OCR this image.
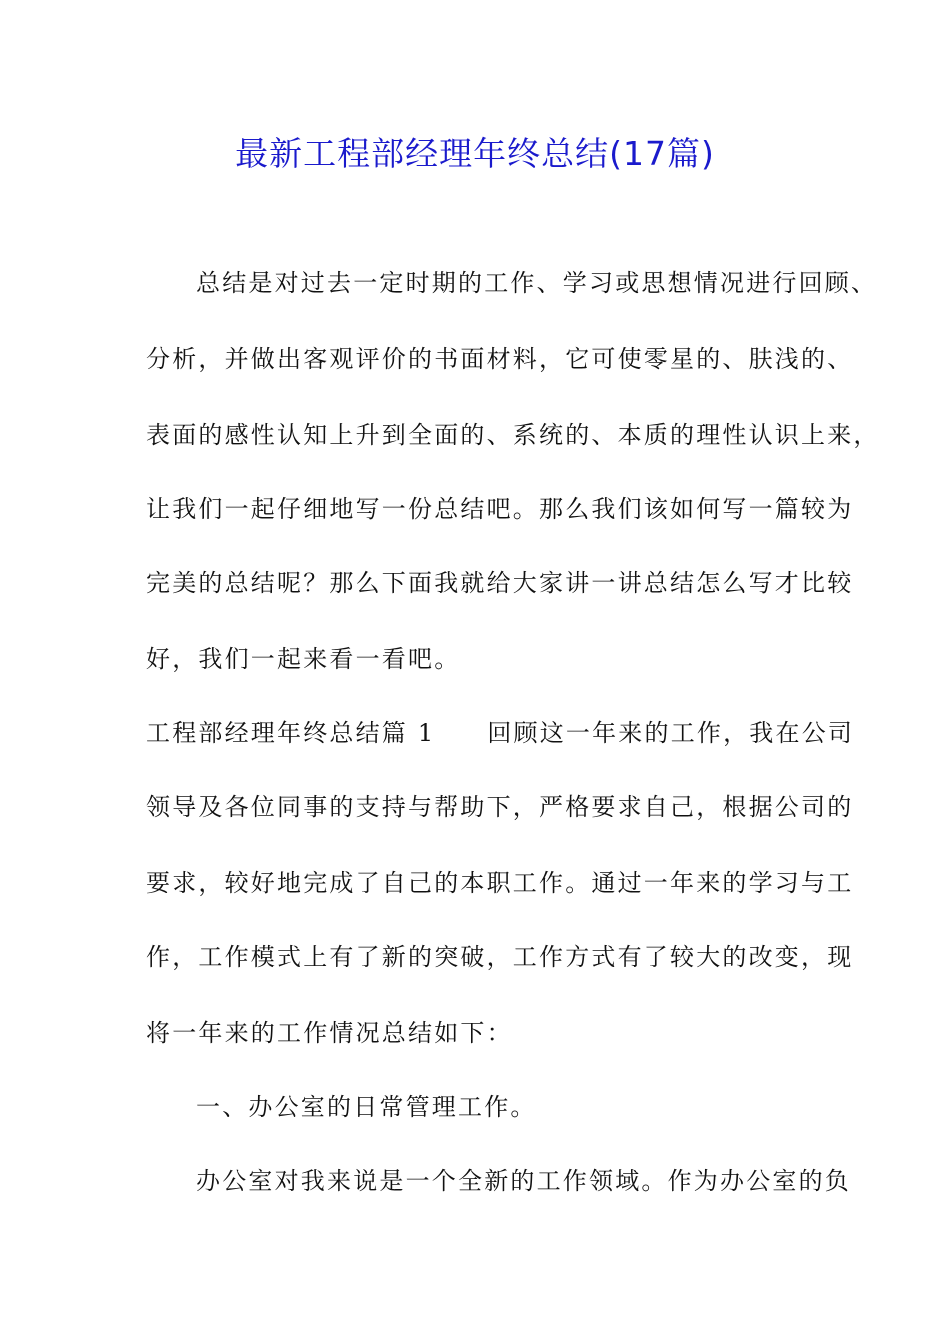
最新工程部经理年终总结(17篇)
总结是对过去一定时期的工作、学习或思想情况进行回顾、
分析，并做出客观评价的书面材料，它可使零星的、肤浅的、
表面的感性认知上升到全面的、系统的、本质的理性认识上来，
让我们一起仔细地写一份总结吧。那么我们该如何写一篇较为
完美的总结呢？那么下面我就给大家讲一讲总结怎么写才比较
好，我们一起来看一看吧。
工程部经理年终总结篇 1 回顾这一年来的工作，我在公司
领导及各位同事的支持与帮助下，严格要求自己，根据公司的
要求，较好地完成了自己的本职工作。通过一年来的学习与工
作，工作模式上有了新的突破，工作方式有了较大的改变，现
将一年来的工作情况总结如下：
一、办公室的日常管理工作。
办公室对我来说是一个全新的工作领域。作为办公室的负
